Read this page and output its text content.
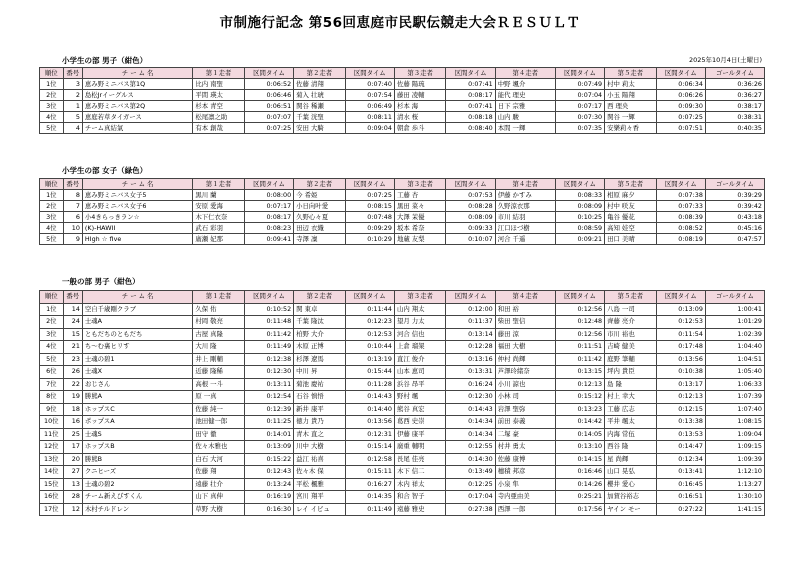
市制施行記念 第56回恵庭市民駅伝競走大会ＲＥＳＵＬＴ
小学生の部 男子（紺色）	2025年10月4日(土曜日)
順位	番号	チ ー ム 名	第１走者	区間タイム	第２走者	区間タイム	第３走者	区間タイム	第４走者	区間タイム	第５走者	区間タイム	ゴールタイム
1位	3	恵み野ミニバス第1Q	比内 南聖	0:06:52	佐藤 清翔	0:07:40	佐藤 陽琉	0:07:41	中野 颯介	0:07:49	村中 莉太	0:06:34	0:36:26
2位	2	島松Jrイーグルス	平間 瑛太	0:06:46	菊入 壮琥	0:07:54	藤田 凌輔	0:08:17	能代 理史	0:07:04	小玉 陽翔	0:06:26	0:36:27
3位	1	恵み野ミニバス第2Q	杉本 青空	0:06:51	関谷 稀瀬	0:06:49	杉本 海	0:07:41	日下 宗雅	0:07:17	西 理央	0:09:30	0:38:17
4位	5	恵庭若草タイガース	松尾凛之助	0:07:07	千葉 洸聖	0:08:11	清水 桜	0:08:18	山内 駿	0:07:30	関谷 一輝	0:07:25	0:38:31
5位	4	チーム真結氣	有本 創哉	0:07:25	安田 大騎	0:09:04	朝倉 歩斗	0:08:40	本間 一輝	0:07:35	安樂莉々香	0:07:51	0:40:35
小学生の部 女子（緑色）
順位	番号	チ ー ム 名	第１走者	区間タイム	第２走者	区間タイム	第３走者	区間タイム	第４走者	区間タイム	第５走者	区間タイム	ゴールタイム
1位	8	恵み野ミニバス女子5	黒川 蘭	0:08:00	今 希姫	0:07:25	工藤 杏	0:07:53	伊藤 かすみ	0:08:33	相原 麻夕	0:07:38	0:39:29
2位	7	恵み野ミニバス女子6	安原 愛海	0:07:17	小日向叶愛	0:08:15	黒田 菜々	0:08:28	久野涼衣那	0:08:09	村中 咲友	0:07:33	0:39:42
3位	6	小4きらっきラン☆	木下仁衣奈	0:08:17	久野心々夏	0:07:48	大澤 茉優	0:08:09	市川 結羽	0:10:25	亀谷 優花	0:08:39	0:43:18
4位	10	(K)-HAWII	武石 彩羽	0:08:23	田辺 衣織	0:09:29	坂本 希奈	0:09:33	江口ほづ樹	0:08:59	高知 娃空	0:08:52	0:45:16
5位	9	HIgh ☆ fIve	廣瀬 妃那	0:09:41	寺澤 凜	0:10:29	地蔵 友梨	0:10:07	河合 千遥	0:09:21	田口 美晴	0:08:19	0:47:57
一般の部 男子（紺色）
順位	番号	チ ー ム 名	第１走者	区間タイム	第２走者	区間タイム	第３走者	区間タイム	第４走者	区間タイム	第５走者	区間タイム	ゴールタイム
1位	14	空自千歳剛クラブ	久保 佑	0:10:52	関 東卓	0:11:44	山内 翔太	0:12:00	和田 裕	0:12:56	八島 一司	0:13:09	1:00:41
2位	24	士魂A	村岡 敬亮	0:11:48	千葉 隆汰	0:12:23	望月 力太	0:11:37	柴田 聖信	0:12:48	齊藤 亮介	0:12:53	1:01:29
3位	15	ともだちのともだち	古屋 真隆	0:11:42	柏野 大介	0:12:53	河合 信也	0:13:14	藤田 涼	0:12:56	市川 裕也	0:11:54	1:02:39
4位	21	ち〜む裏ヒリす	大川 隆	0:11:49	木原 正博	0:10:44	上倉 瑠架	0:12:28	福田 大樹	0:11:51	吉崎 健美	0:17:48	1:04:40
5位	23	士魂の碧1	井上 剛輔	0:12:38	杉澤 遼馬	0:13:19	直江 俊介	0:13:16	仲村 尚輝	0:11:42	庭野 筆輔	0:13:56	1:04:51
6位	26	士魂X	近藤 隆稀	0:12:30	中川 昇	0:15:44	山本 恵司	0:13:31	芦澤玲緒奈	0:13:15	坪内 貴臣	0:10:38	1:05:40
7位	22	おじさん	高根 一斗	0:13:11	菊池 慶祐	0:11:28	浜谷 昂平	0:16:24	小川 諒也	0:12:13	島 隆	0:13:17	1:06:33
8位	19	勝熊A	原 一真	0:12:54	石谷 慎悟	0:14:43	野村 颯	0:12:30	小林 司	0:15:12	村上 幸大	0:12:13	1:07:39
9位	18	ホップスC	佐藤 純一	0:12:39	新井 康平	0:14:40	熊谷 真宏	0:14:43	岩澤 聖弥	0:13:23	工藤 広志	0:12:15	1:07:40
10位	16	ポップスA	池田健一郎	0:11:25	徳力 貴乃	0:13:56	葛西 史崇	0:14:34	前田 泰義	0:14:42	平井 颯太	0:13:38	1:08:15
11位	25	士魂S	田守 徹	0:14:01	青木 直之	0:12:31	伊藤 康平	0:14:34	二塚 豪	0:14:05	内海 常伍	0:13:53	1:09:04
12位	17	ホップスB	佐々木雅也	0:13:09	川中 大樹	0:15:14	廣重 輔明	0:12:55	村井 勇太	0:13:10	西谷 隆	0:14:47	1:09:15
13位	20	勝熊B	白石 大河	0:15:22	益江 祐喜	0:12:58	長尾 佳亮	0:14:30	佐藤 康博	0:14:15	星 尚輝	0:12:34	1:09:39
14位	27	クニヒーズ	佐藤 翔	0:12:43	佐々木 保	0:15:11	木下 信二	0:13:49	穗積 邦彦	0:16:46	山口 晃弘	0:13:41	1:12:10
15位	13	士魂の碧2	遠藤 壮介	0:13:24	平松 楓雅	0:16:27	木内 祥太	0:12:25	小泉 隼	0:14:26	櫻井 愛心	0:16:45	1:13:27
16位	28	チーム新えびすくん	山下 真伸	0:16:19	宮川 翔平	0:14:35	和合 智子	0:17:04	寺内亜由美	0:25:21	加賀谷裕志	0:16:51	1:30:10
17位	12	木村チルドレン	草野 大樹	0:16:30	レイ イビュ	0:11:49	遠藤 雅史	0:27:38	西澤 一郎	0:17:56	ヤイン モー	0:27:22	1:41:15
